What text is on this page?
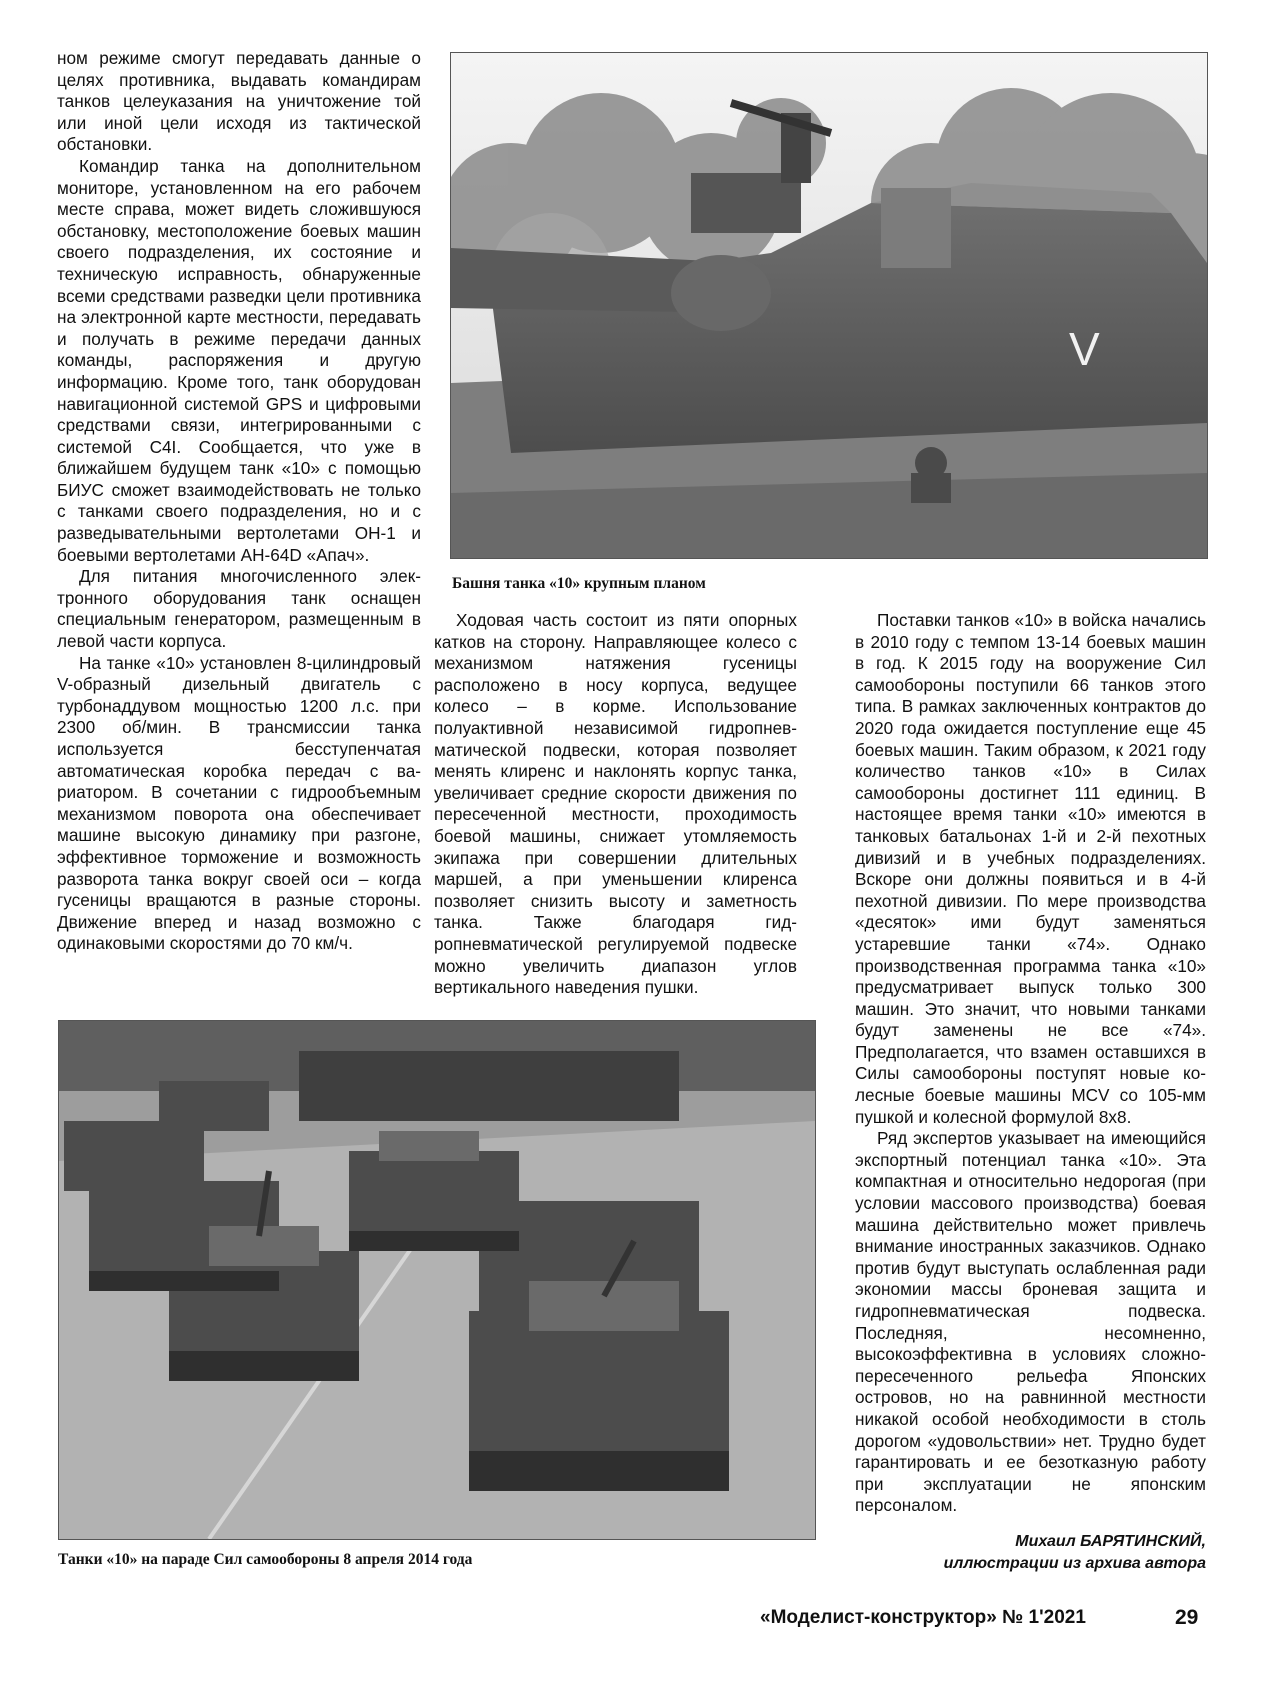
ном режиме смогут передавать данные о целях противника, выдавать командирам танков целеуказания на уничтожение той или иной цели исходя из тактической обстановки.

Командир танка на дополнительном мониторе, установленном на его рабочем месте справа, может видеть сложившуюся обстановку, местоположение боевых машин своего подразделения, их состояние и техническую исправность, обнаруженные всеми средствами разведки цели противника на электронной карте местности, передавать и получать в режиме передачи данных команды, распоряжения и другую информацию. Кроме того, танк оборудован навигационной системой GPS и цифровыми средствами связи, интегрированными с системой C4I. Сообщается, что уже в ближайшем будущем танк «10» с помощью БИУС сможет взаимодействовать не только с танками своего подразделения, но и с разведывательными вертолетами ОН-1 и боевыми вертолетами АН-64D «Апач».

Для питания многочисленного электронного оборудования танк оснащен специальным генератором, размещенным в левой части корпуса.

На танке «10» установлен 8-цилиндровый V-образный дизельный двигатель с турбонаддувом мощностью 1200 л.с. при 2300 об/мин. В трансмиссии танка используется бесступенчатая автоматическая коробка передач с вариатором. В сочетании с гидрообъемным механизмом поворота она обеспечивает машине высокую динамику при разгоне, эффективное торможение и возможность разворота танка вокруг своей оси – когда гусеницы вращаются в разные стороны. Движение вперед и назад возможно с одинаковыми скоростями до 70 км/ч.

V
Башня танка «10» крупным планом

Ходовая часть состоит из пяти опорных катков на сторону. Направляющее колесо с механизмом натяжения гусеницы расположено в носу корпуса, ведущее колесо – в корме. Использование полуактивной независимой гидропневматической подвески, которая позволяет менять клиренс и наклонять корпус танка, увеличивает средние скорости движения по пересеченной местности, проходимость боевой машины, снижает утомляемость экипажа при совершении длительных маршей, а при уменьшении клиренса позволяет снизить высоту и заметность танка. Также благодаря гидропневматической регулируемой подвеске можно увеличить диапазон углов вертикального наведения пушки.

Поставки танков «10» в войска начались в 2010 году с темпом 13-14 боевых машин в год. К 2015 году на вооружение Сил самообороны поступили 66 танков этого типа. В рамках заключенных контрактов до 2020 года ожидается поступление еще 45 боевых машин. Таким образом, к 2021 году количество танков «10» в Силах самообороны достигнет 111 единиц. В настоящее время танки «10» имеются в танковых батальонах 1-й и 2-й пехотных дивизий и в учебных подразделениях. Вскоре они должны появиться и в 4-й пехотной дивизии. По мере производства «десяток» ими будут заменяться устаревшие танки «74». Однако производственная программа танка «10» предусматривает выпуск только 300 машин. Это значит, что новыми танками будут заменены не все «74». Предполагается, что взамен оставшихся в Силы самообороны поступят новые колесные боевые машины MCV со 105-мм пушкой и колесной формулой 8х8.

Ряд экспертов указывает на имеющийся экспортный потенциал танка «10». Эта компактная и относительно недорогая (при условии массового производства) боевая машина действительно может привлечь внимание иностранных заказчиков. Однако против будут выступать ослабленная ради экономии массы броневая защита и гидропневматическая подвеска. Последняя, несомненно, высокоэффективна в условиях сложно-пересеченного рельефа Японских островов, но на равнинной местности никакой особой необходимости в столь дорогом «удовольствии» нет. Трудно будет гарантировать и ее безотказную работу при эксплуатации не японским персоналом.

Танки «10» на параде Сил самообороны 8 апреля 2014 года
Михаил БАРЯТИНСКИЙ,
иллюстрации из архива автора
«Моделист-конструктор» № 1'2021	29
